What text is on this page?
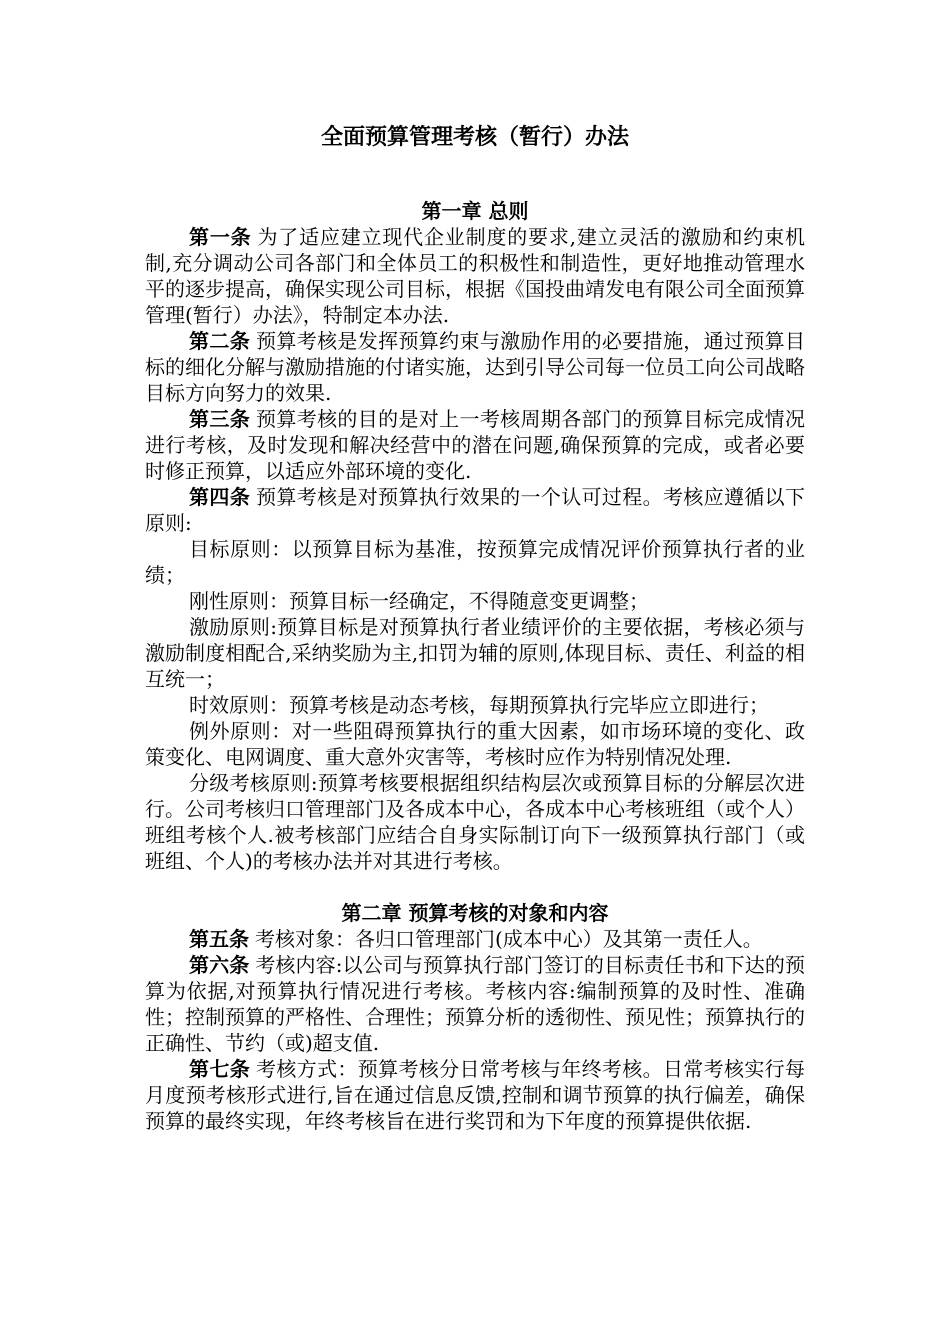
全面预算管理考核（暂行）办法

第一章 总则

第一条 为了适应建立现代企业制度的要求,建立灵活的激励和约束机制,充分调动公司各部门和全体员工的积极性和制造性，更好地推动管理水平的逐步提高，确保实现公司目标，根据《国投曲靖发电有限公司全面预算管理(暂行）办法》，特制定本办法.

第二条 预算考核是发挥预算约束与激励作用的必要措施，通过预算目标的细化分解与激励措施的付诸实施，达到引导公司每一位员工向公司战略目标方向努力的效果.

第三条 预算考核的目的是对上一考核周期各部门的预算目标完成情况进行考核，及时发现和解决经营中的潜在问题,确保预算的完成，或者必要时修正预算，以适应外部环境的变化.

第四条 预算考核是对预算执行效果的一个认可过程。考核应遵循以下原则:

目标原则：以预算目标为基准，按预算完成情况评价预算执行者的业绩；

刚性原则：预算目标一经确定，不得随意变更调整；

激励原则:预算目标是对预算执行者业绩评价的主要依据，考核必须与激励制度相配合,采纳奖励为主,扣罚为辅的原则,体现目标、责任、利益的相互统一；

时效原则：预算考核是动态考核，每期预算执行完毕应立即进行；

例外原则：对一些阻碍预算执行的重大因素，如市场环境的变化、政策变化、电网调度、重大意外灾害等，考核时应作为特别情况处理.

分级考核原则:预算考核要根据组织结构层次或预算目标的分解层次进行。公司考核归口管理部门及各成本中心，各成本中心考核班组（或个人）班组考核个人.被考核部门应结合自身实际制订向下一级预算执行部门（或班组、个人)的考核办法并对其进行考核。

第二章 预算考核的对象和内容

第五条 考核对象：各归口管理部门(成本中心）及其第一责任人。

第六条 考核内容:以公司与预算执行部门签订的目标责任书和下达的预算为依据,对预算执行情况进行考核。考核内容:编制预算的及时性、准确性；控制预算的严格性、合理性；预算分析的透彻性、预见性；预算执行的正确性、节约（或)超支值.

第七条 考核方式：预算考核分日常考核与年终考核。日常考核实行每月度预考核形式进行,旨在通过信息反馈,控制和调节预算的执行偏差，确保预算的最终实现，年终考核旨在进行奖罚和为下年度的预算提供依据.
